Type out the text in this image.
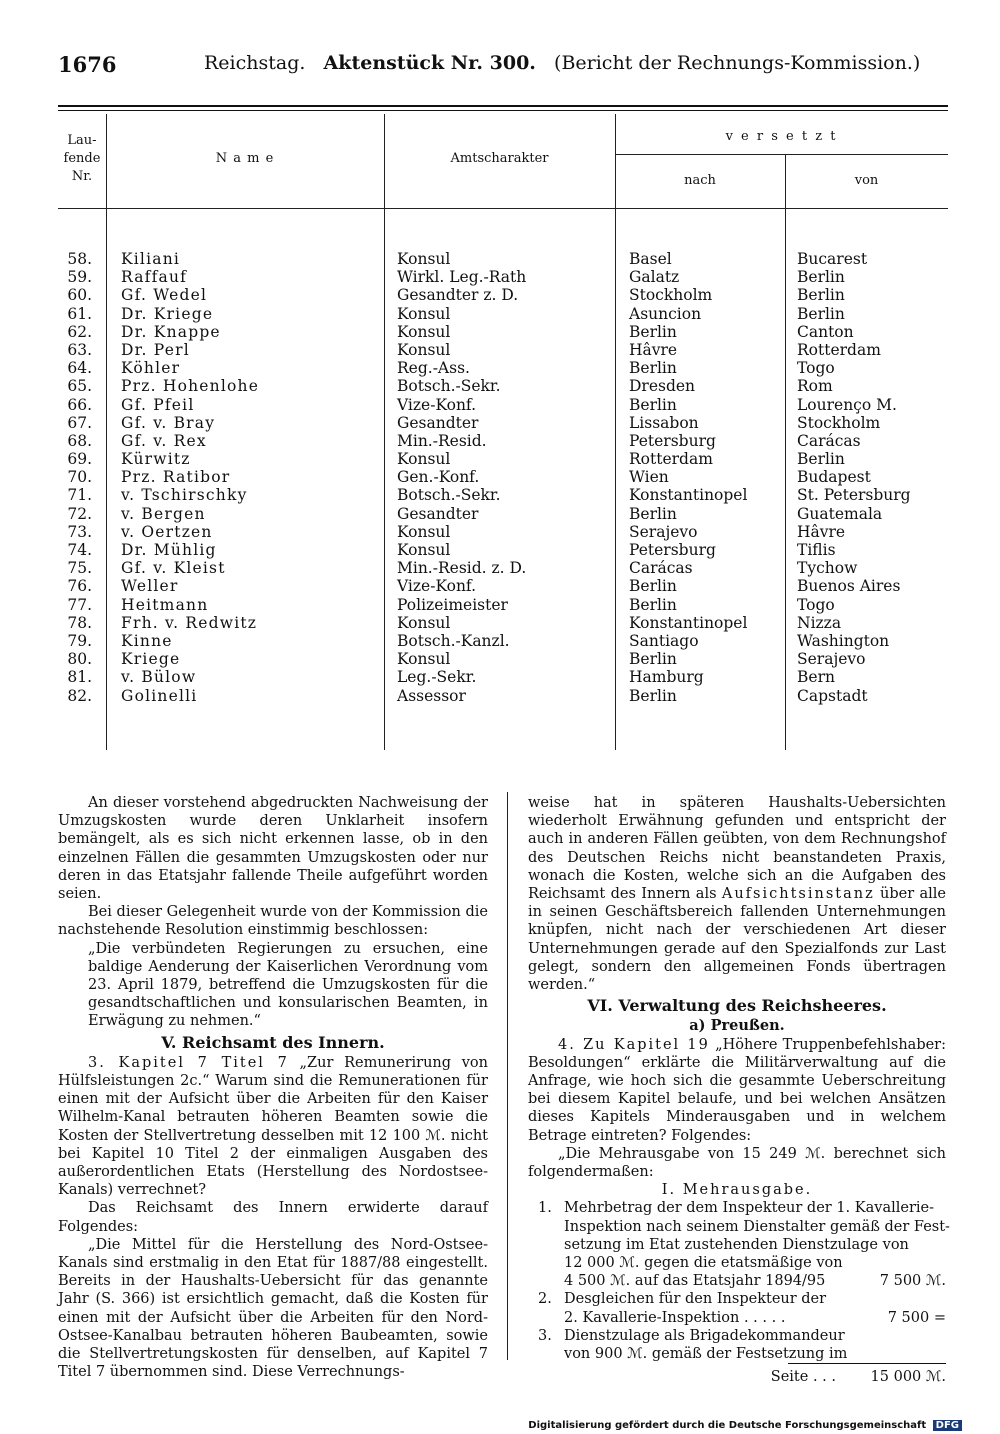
1676	Reichstag. Aktenstück Nr. 300. (Bericht der Rechnungs-Kommission.)
Lau-
fende
Nr.
N a m e	Amtscharakter
v e r s e t z t
nach	von
58. Kiliani	Konsul	Basel	Bucarest
59. Raffauf	Wirkl. Leg.-Rath	Galatz	Berlin
60. Gf. Wedel	Gesandter z. D.	Stockholm	Berlin
61. Dr. Kriege	Konsul	Asuncion	Berlin
62. Dr. Knappe	Konsul	Berlin	Canton
63. Dr. Perl	Konsul	Hâvre	Rotterdam
64. Köhler	Reg.-Ass.	Berlin	Togo
65. Prz. Hohenlohe	Botsch.-Sekr.	Dresden	Rom
66. Gf. Pfeil	Vize-Konf.	Berlin	Lourenço M.
67. Gf. v. Bray	Gesandter	Lissabon	Stockholm
68. Gf. v. Rex	Min.-Resid.	Petersburg	Carácas
69. Kürwitz	Konsul	Rotterdam	Berlin
70. Prz. Ratibor	Gen.-Konf.	Wien	Budapest
71. v. Tschirschky	Botsch.-Sekr.	Konstantinopel	St. Petersburg
72. v. Bergen	Gesandter	Berlin	Guatemala
73. v. Oertzen	Konsul	Serajevo	Hâvre
74. Dr. Mühlig	Konsul	Petersburg	Tiflis
75. Gf. v. Kleist	Min.-Resid. z. D.	Carácas	Tychow
76. Weller	Vize-Konf.	Berlin	Buenos Aires
77. Heitmann	Polizeimeister	Berlin	Togo
78. Frh. v. Redwitz	Konsul	Konstantinopel	Nizza
79. Kinne	Botsch.-Kanzl.	Santiago	Washington
80. Kriege	Konsul	Berlin	Serajevo
81. v. Bülow	Leg.-Sekr.	Hamburg	Bern
82. Golinelli	Assessor	Berlin	Capstadt

An dieser vorstehend abgedruckten Nachweisung der Umzugskosten wurde deren Unklarheit insofern bemängelt, als es sich nicht erkennen lasse, ob in den einzelnen Fällen die gesammten Umzugskosten oder nur deren in das Etatsjahr fallende Theile aufgeführt worden seien.

Bei dieser Gelegenheit wurde von der Kommission die nachstehende Resolution einstimmig beschlossen:

„Die verbündeten Regierungen zu ersuchen, eine baldige Aenderung der Kaiserlichen Verordnung vom 23. April 1879, betreffend die Umzugskosten für die gesandtschaftlichen und konsularischen Beamten, in Erwägung zu nehmen.“

V. Reichsamt des Innern.

3. Kapitel 7 Titel 7 „Zur Remunerirung von Hülfsleistungen 2c.“ Warum sind die Remunerationen für einen mit der Aufsicht über die Arbeiten für den Kaiser Wilhelm-Kanal betrauten höheren Beamten sowie die Kosten der Stellvertretung desselben mit 12 100 ℳ. nicht bei Kapitel 10 Titel 2 der einmaligen Ausgaben des außerordentlichen Etats (Herstellung des Nordostsee-Kanals) verrechnet?

Das Reichsamt des Innern erwiderte darauf Folgendes:

„Die Mittel für die Herstellung des Nord-Ostsee-Kanals sind erstmalig in den Etat für 1887/88 eingestellt. Bereits in der Haushalts-Uebersicht für das genannte Jahr (S. 366) ist ersichtlich gemacht, daß die Kosten für einen mit der Aufsicht über die Arbeiten für den Nord-Ostsee-Kanalbau betrauten höheren Baubeamten, sowie die Stellvertretungskosten für denselben, auf Kapitel 7 Titel 7 übernommen sind. Diese Verrechnungs-

weise hat in späteren Haushalts-Uebersichten wiederholt Erwähnung gefunden und entspricht der auch in anderen Fällen geübten, von dem Rechnungshof des Deutschen Reichs nicht beanstandeten Praxis, wonach die Kosten, welche sich an die Aufgaben des Reichsamt des Innern als Aufsichtsinstanz über alle in seinen Geschäftsbereich fallenden Unternehmungen knüpfen, nicht nach der verschiedenen Art dieser Unternehmungen gerade auf den Spezialfonds zur Last gelegt, sondern den allgemeinen Fonds übertragen werden.“

VI. Verwaltung des Reichsheeres.
a) Preußen.

4. Zu Kapitel 19 „Höhere Truppenbefehlshaber: Besoldungen“ erklärte die Militärverwaltung auf die Anfrage, wie hoch sich die gesammte Ueberschreitung bei diesem Kapitel belaufe, und bei welchen Ansätzen dieses Kapitels Minderausgaben und in welchem Betrage eintreten? Folgendes:

„Die Mehrausgabe von 15 249 ℳ. berechnet sich folgendermaßen:

I. Mehrausgabe.
1. Mehrbetrag der dem Inspekteur der 1. Kavallerie-
Inspektion nach seinem Dienstalter gemäß der Fest-
setzung im Etat zustehenden Dienstzulage von
12 000 ℳ. gegen die etatsmäßige von
4 500 ℳ. auf das Etatsjahr 1894/95	7 500 ℳ.
2. Desgleichen für den Inspekteur der
2. Kavallerie-Inspektion . . . . .	7 500 =
3. Dienstzulage als Brigadekommandeur
von 900 ℳ. gemäß der Festsetzung im
Seite . . . 15 000 ℳ.
Digitalisierung gefördert durch die Deutsche Forschungsgemeinschaft DFG
